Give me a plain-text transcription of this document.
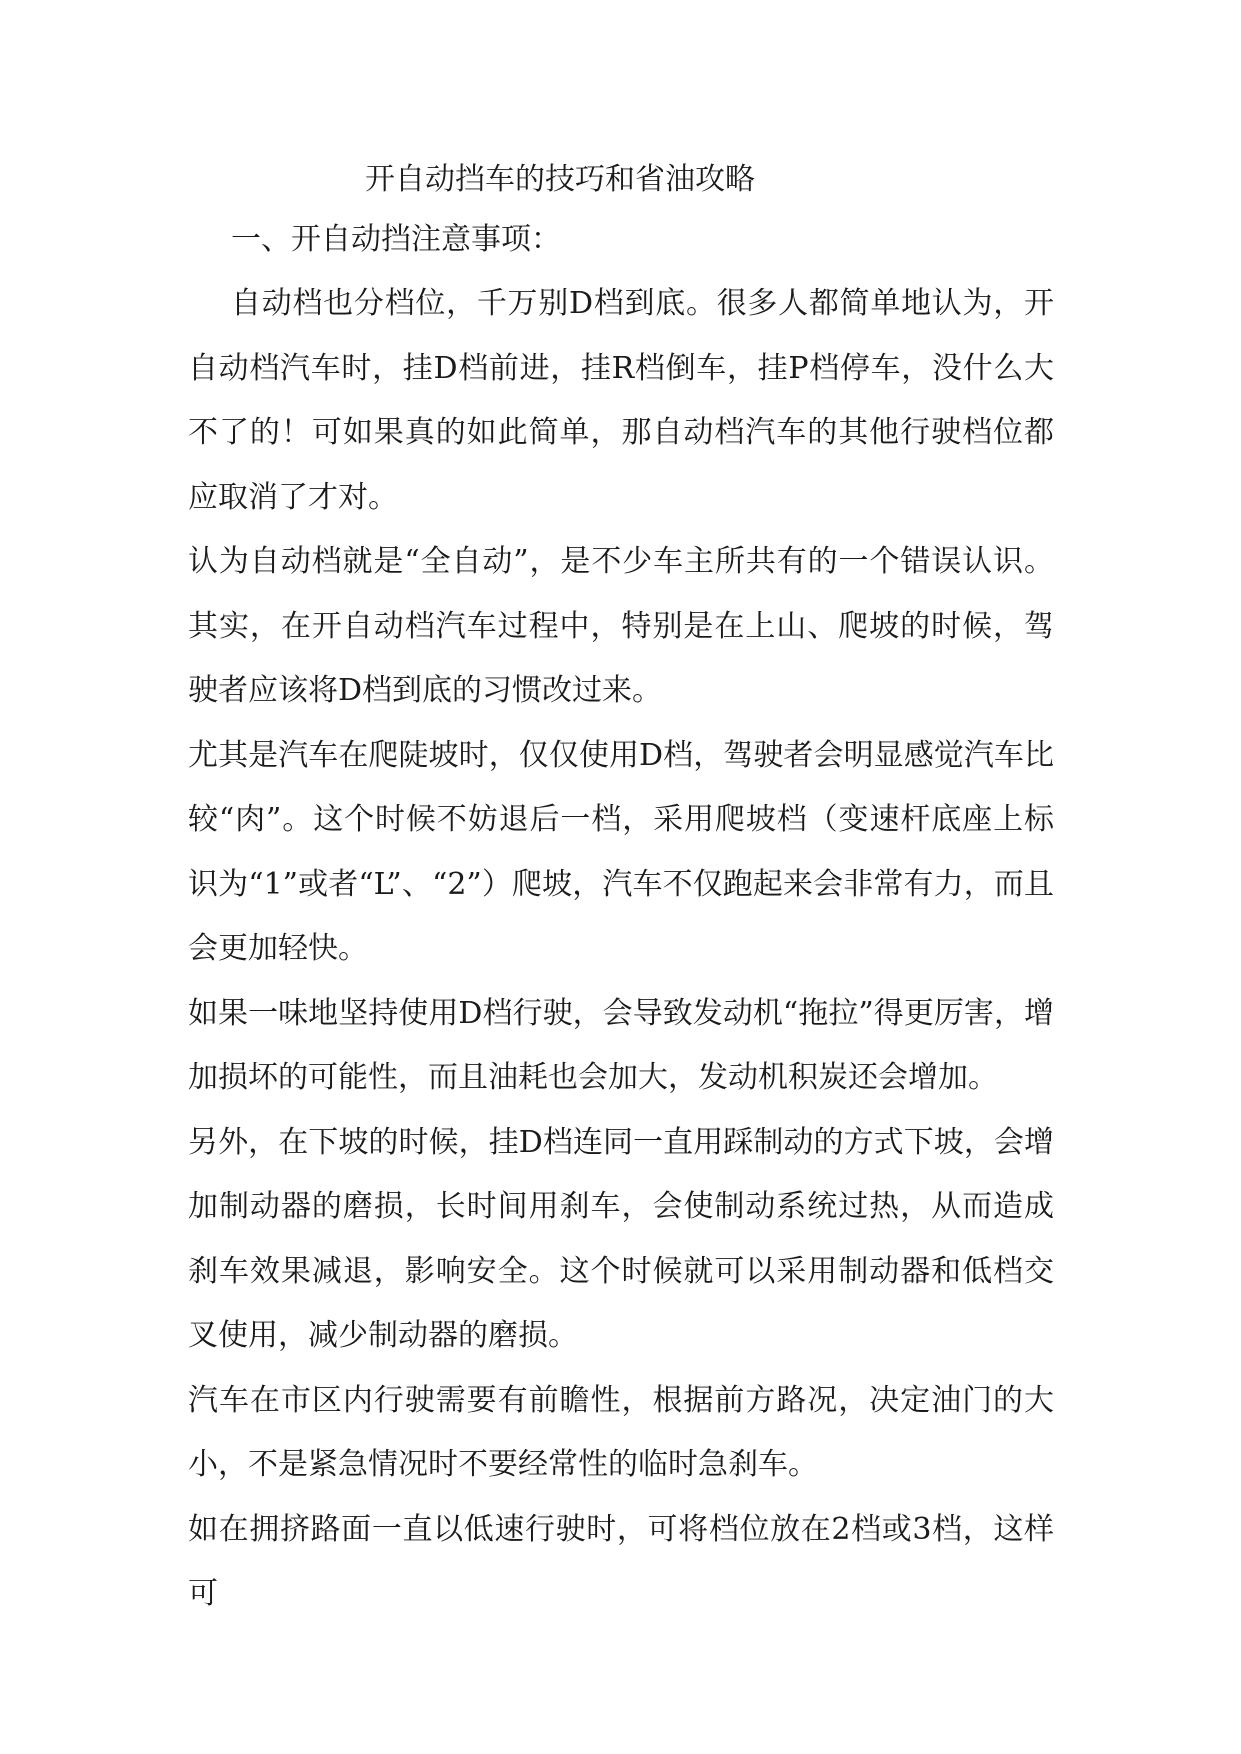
开自动挡车的技巧和省油攻略
一、开自动挡注意事项：

自动档也分档位，千万别D档到底。很多人都简单地认为，开自动档汽车时，挂D档前进，挂R档倒车，挂P档停车，没什么大不了的！可如果真的如此简单，那自动档汽车的其他行驶档位都应取消了才对。

认为自动档就是“全自动”，是不少车主所共有的一个错误认识。其实，在开自动档汽车过程中，特别是在上山、爬坡的时候，驾驶者应该将D档到底的习惯改过来。

尤其是汽车在爬陡坡时，仅仅使用D档，驾驶者会明显感觉汽车比较“肉”。这个时候不妨退后一档，采用爬坡档（变速杆底座上标识为“1”或者“L”、“2”）爬坡，汽车不仅跑起来会非常有力，而且会更加轻快。

如果一味地坚持使用D档行驶，会导致发动机“拖拉”得更厉害，增加损坏的可能性，而且油耗也会加大，发动机积炭还会增加。

另外，在下坡的时候，挂D档连同一直用踩制动的方式下坡，会增加制动器的磨损，长时间用刹车，会使制动系统过热，从而造成刹车效果减退，影响安全。这个时候就可以采用制动器和低档交叉使用，减少制动器的磨损。

汽车在市区内行驶需要有前瞻性，根据前方路况，决定油门的大小，不是紧急情况时不要经常性的临时急刹车。

如在拥挤路面一直以低速行驶时，可将档位放在2档或3档，这样可
